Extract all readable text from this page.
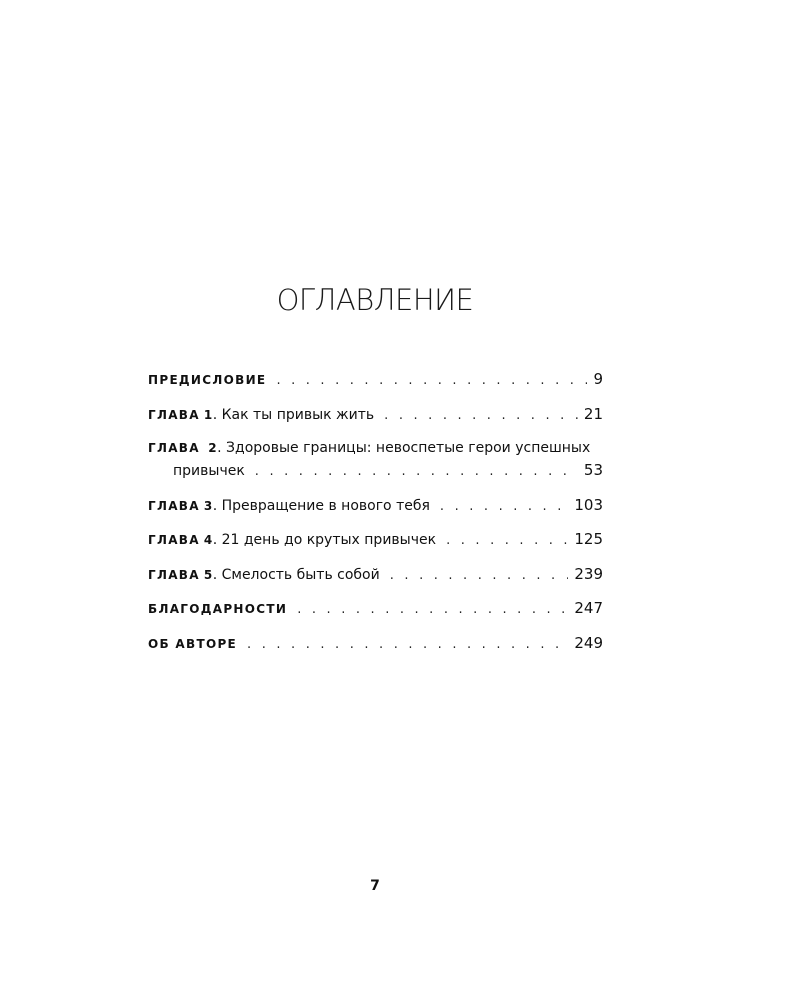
ОГЛАВЛЕНИЕ
ПРЕДИСЛОВИЕ . . .	9
ГЛАВА 1 . Как ты привык жить . . .	21
ГЛАВА 2. Здоровые границы: невоспетые герои успешных
привычек . . .	53
ГЛАВА 3 . Превращение в нового тебя . . .	103
ГЛАВА 4 . 21 день до крутых привычек . . .	125
ГЛАВА 5 . Смелость быть собой . . .	239
БЛАГОДАРНОСТИ . . .	247
ОБ АВТОРЕ . . .	249

7
